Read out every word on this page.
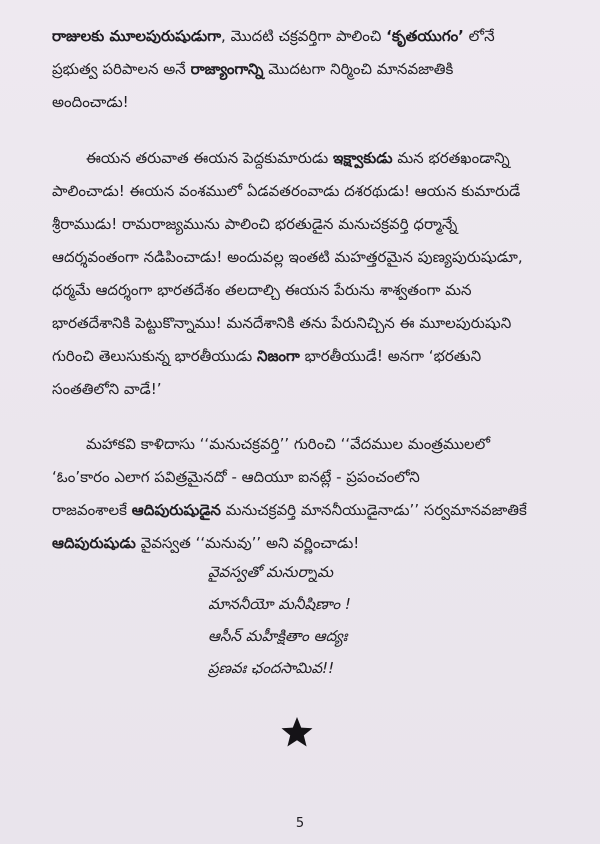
రాజులకు మూలపురుషుడుగా, మొదటి చక్రవర్తిగా పాలించి ‘కృతయుగం’ లోనే
ప్రభుత్వ పరిపాలన అనే రాజ్యాంగాన్ని మొదటగా నిర్మించి మానవజాతికి
అందించాడు!
ఈయన తరువాత ఈయన పెద్దకుమారుడు ఇక్ష్వాకుడు మన భరతఖండాన్ని
పాలించాడు! ఈయన వంశములో ఏడవతరంవాడు దశరథుడు! ఆయన కుమారుడే
శ్రీరాముడు! రామరాజ్యమును పాలించి భరతుడైన మనుచక్రవర్తి ధర్మాన్నే
ఆదర్శవంతంగా నడిపించాడు! అందువల్ల ఇంతటి మహత్తరమైన పుణ్యపురుషుడూ,
ధర్మమే ఆదర్శంగా భారతదేశం తలదాల్చి ఈయన పేరును శాశ్వతంగా మన
భారతదేశానికి పెట్టుకొన్నాము! మనదేశానికి తను పేరునిచ్చిన ఈ మూలపురుషుని
గురించి తెలుసుకున్న భారతీయుడు నిజంగా భారతీయుడే! అనగా ‘భరతుని
సంతతిలోని వాడే!’
మహాకవి కాళిదాసు ‘‘మనుచక్రవర్తి’’ గురించి ‘‘వేదముల మంత్రములలో
‘ఓం’కారం ఎలాగ పవిత్రమైనదో - ఆదియూ ఐనట్లే - ప్రపంచంలోని
రాజవంశాలకే ఆదిపురుషుడైన మనుచక్రవర్తి మాననీయుడైనాడు’’ సర్వమానవజాతికే
ఆదిపురుషుడు వైవస్వత ‘‘మనువు’’ అని వర్ణించాడు!
వైవస్వతో మనుర్నామ
మాననీయో మనీషిణాం !
ఆసీన్ మహీక్షితాం ఆద్యః
ప్రణవః ఛందసామివ!!
5
